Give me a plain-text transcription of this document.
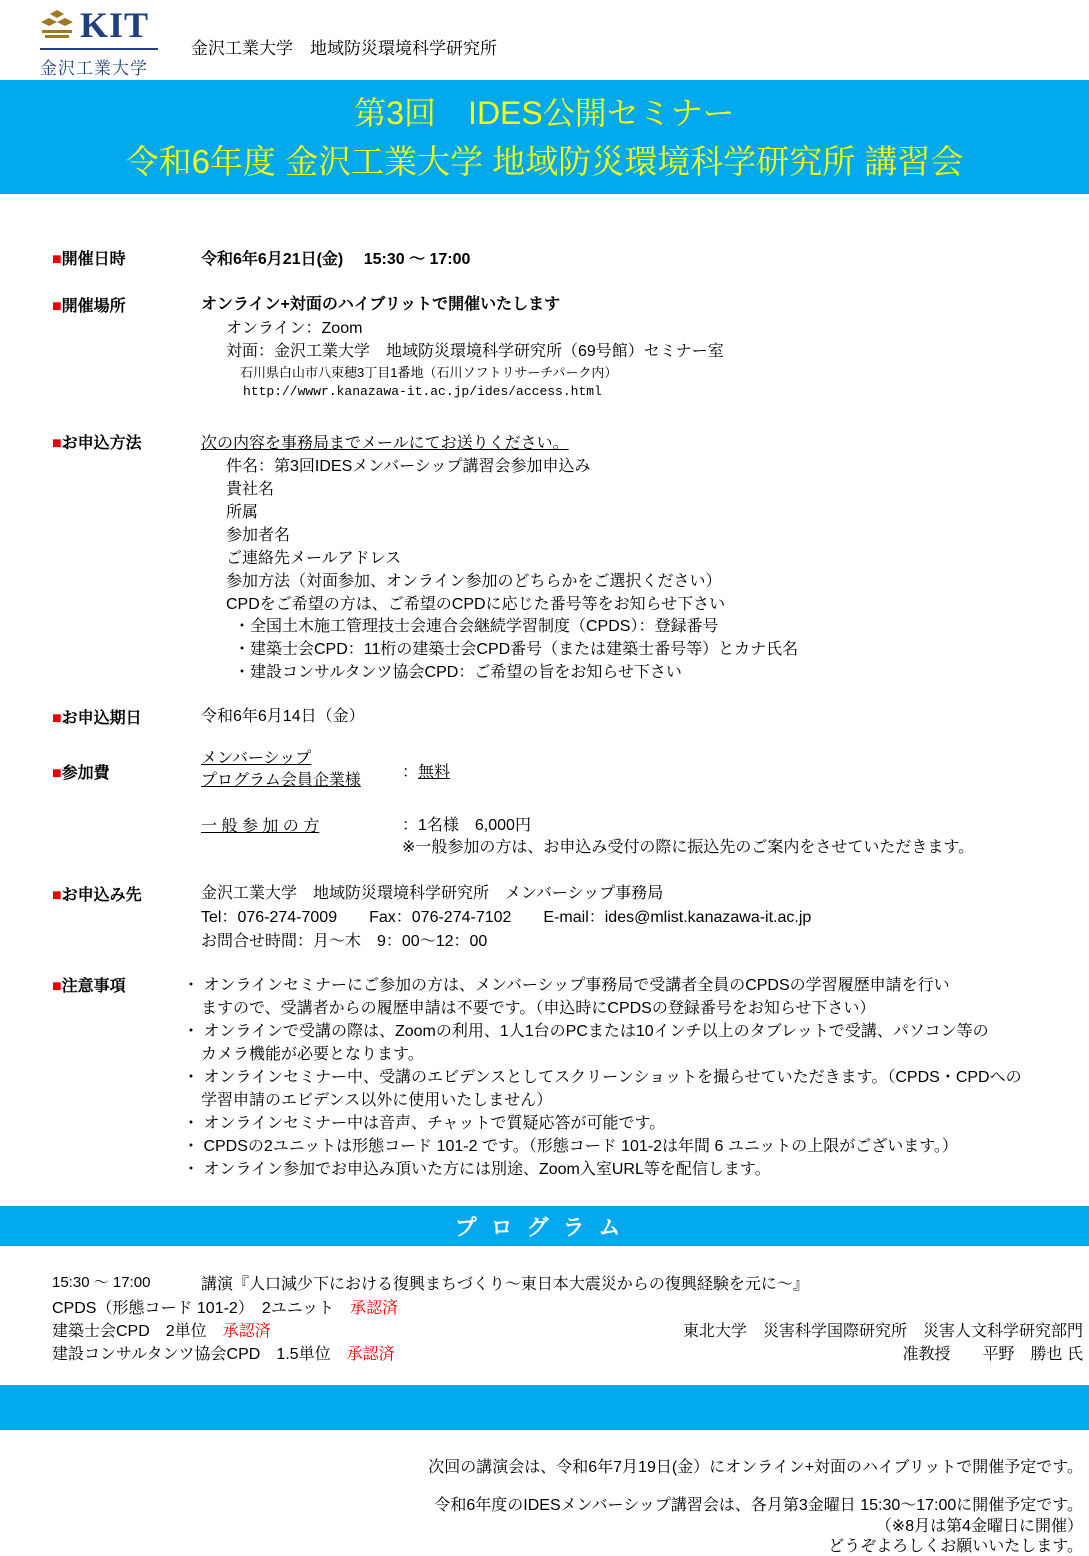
KIT
金沢工業大学
金沢工業大学　地域防災環境科学研究所
第3回　IDES公開セミナー
令和6年度 金沢工業大学 地域防災環境科学研究所 講習会
■開催日時	令和6年6月21日(金)　 15:30 ～ 17:00
■開催場所	オンライン+対面のハイブリットで開催いたします
オンライン：Zoom
対面：金沢工業大学　地域防災環境科学研究所（69号館）セミナー室
石川県白山市八束穂3丁目1番地（石川ソフトリサーチパーク内）
http://wwwr.kanazawa-it.ac.jp/ides/access.html
■お申込方法	次の内容を事務局までメールにてお送りください。
件名：第3回IDESメンバーシップ講習会参加申込み
貴社名
所属
参加者名
ご連絡先メールアドレス
参加方法（対面参加、オンライン参加のどちらかをご選択ください）
CPDをご希望の方は、ご希望のCPDに応じた番号等をお知らせ下さい
・全国土木施工管理技士会連合会継続学習制度（CPDS）：登録番号
・建築士会CPD：11桁の建築士会CPD番号（または建築士番号等）とカナ氏名
・建設コンサルタンツ協会CPD：ご希望の旨をお知らせ下さい
■お申込期日	令和6年6月14日（金）
■参加費
メンバーシップ
プログラム会員企業様	：無料
一 般 参 加 の 方	：1名様　6,000円
※一般参加の方は、お申込み受付の際に振込先のご案内をさせていただきます。
■お申込み先	金沢工業大学　地域防災環境科学研究所　メンバーシップ事務局
Tel：076-274-7009　　Fax：076-274-7102　　E-mail：ides@mlist.kanazawa-it.ac.jp
お問合せ時間：月～木　9：00～12：00
■注意事項	・ オンラインセミナーにご参加の方は、メンバーシップ事務局で受講者全員のCPDSの学習履歴申請を行い
ますので、受講者からの履歴申請は不要です。（申込時にCPDSの登録番号をお知らせ下さい）
・ オンラインで受講の際は、Zoomの利用、1人1台のPCまたは10インチ以上のタブレットで受講、パソコン等の
カメラ機能が必要となります。
・ オンラインセミナー中、受講のエビデンスとしてスクリーンショットを撮らせていただきます。（CPDS・CPDへの
学習申請のエビデンス以外に使用いたしません）
・ オンラインセミナー中は音声、チャットで質疑応答が可能です。
・ CPDSの2ユニットは形態コード 101-2 です。（形態コード 101-2は年間 6 ユニットの上限がございます。）
・ オンライン参加でお申込み頂いた方には別途、Zoom入室URL等を配信します。
プログラム
15:30 ～ 17:00	講演『人口減少下における復興まちづくり～東日本大震災からの復興経験を元に～』
CPDS（形態コード 101-2）　2ユニット　 承認済
建築士会CPD　2単位　 承認済
建設コンサルタンツ協会CPD　1.5単位　 承認済
東北大学　災害科学国際研究所　災害人文科学研究部門
准教授　　平野　勝也 氏
次回の講演会は、令和6年7月19日(金）にオンライン+対面のハイブリットで開催予定です。
令和6年度のIDESメンバーシップ講習会は、各月第3金曜日 15:30～17:00に開催予定です。
（※8月は第4金曜日に開催）
どうぞよろしくお願いいたします。
